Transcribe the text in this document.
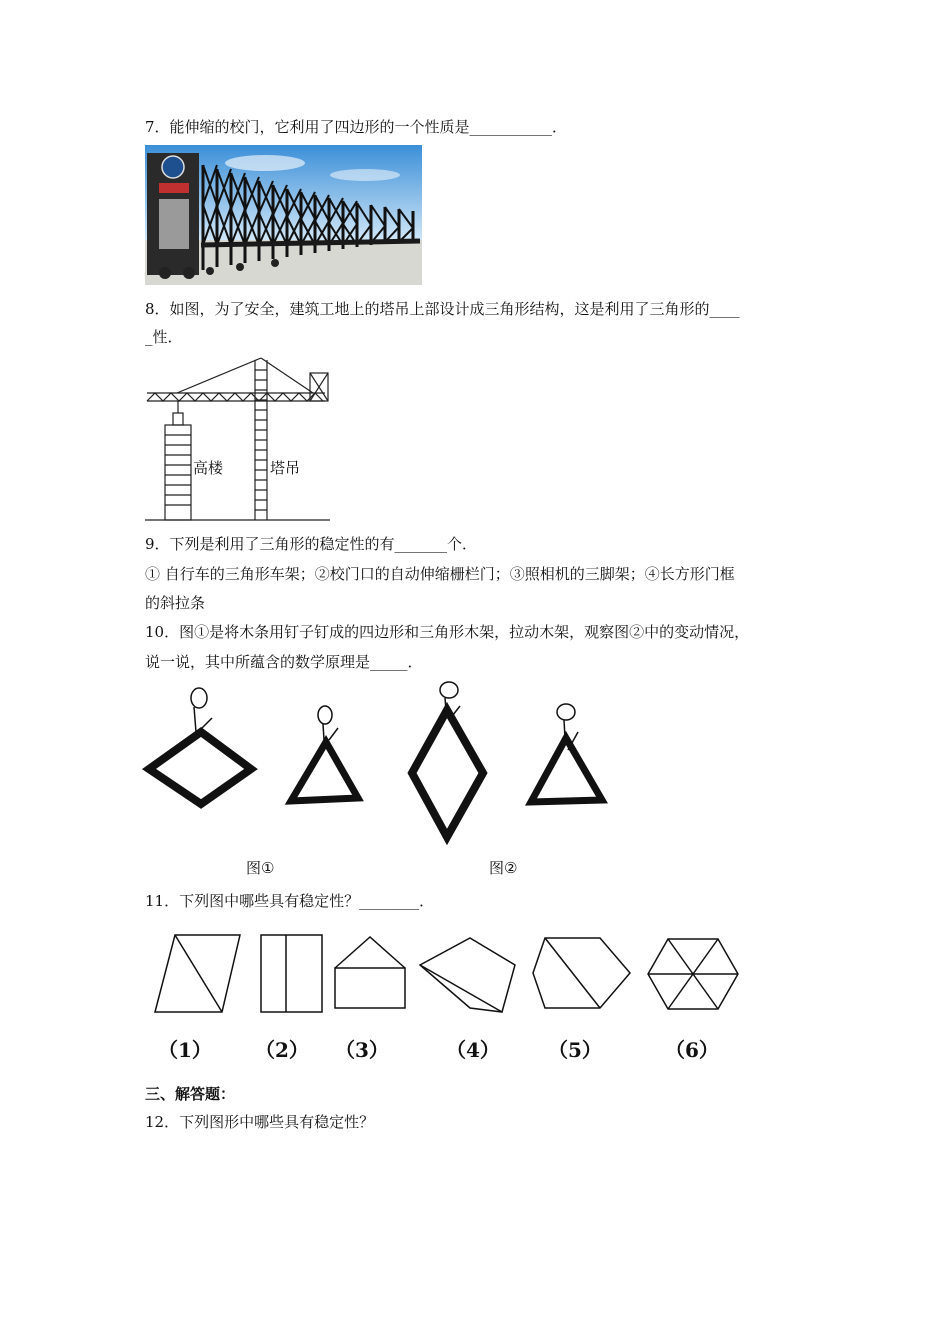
7．能伸缩的校门，它利用了四边形的一个性质是___________．
8．如图，为了安全，建筑工地上的塔吊上部设计成三角形结构，这是利用了三角形的____
_性．
高楼	塔吊
9．下列是利用了三角形的稳定性的有_______个．
① 自行车的三角形车架；②校门口的自动伸缩栅栏门；③照相机的三脚架；④长方形门框
的斜拉条
10．图①是将木条用钉子钉成的四边形和三角形木架，拉动木架，观察图②中的变动情况，
说一说，其中所蕴含的数学原理是_____．
图①	图②
11．下列图中哪些具有稳定性？________．
（1） （2） （3）	（4） （5）	（6）
三、解答题：
12．下列图形中哪些具有稳定性？
